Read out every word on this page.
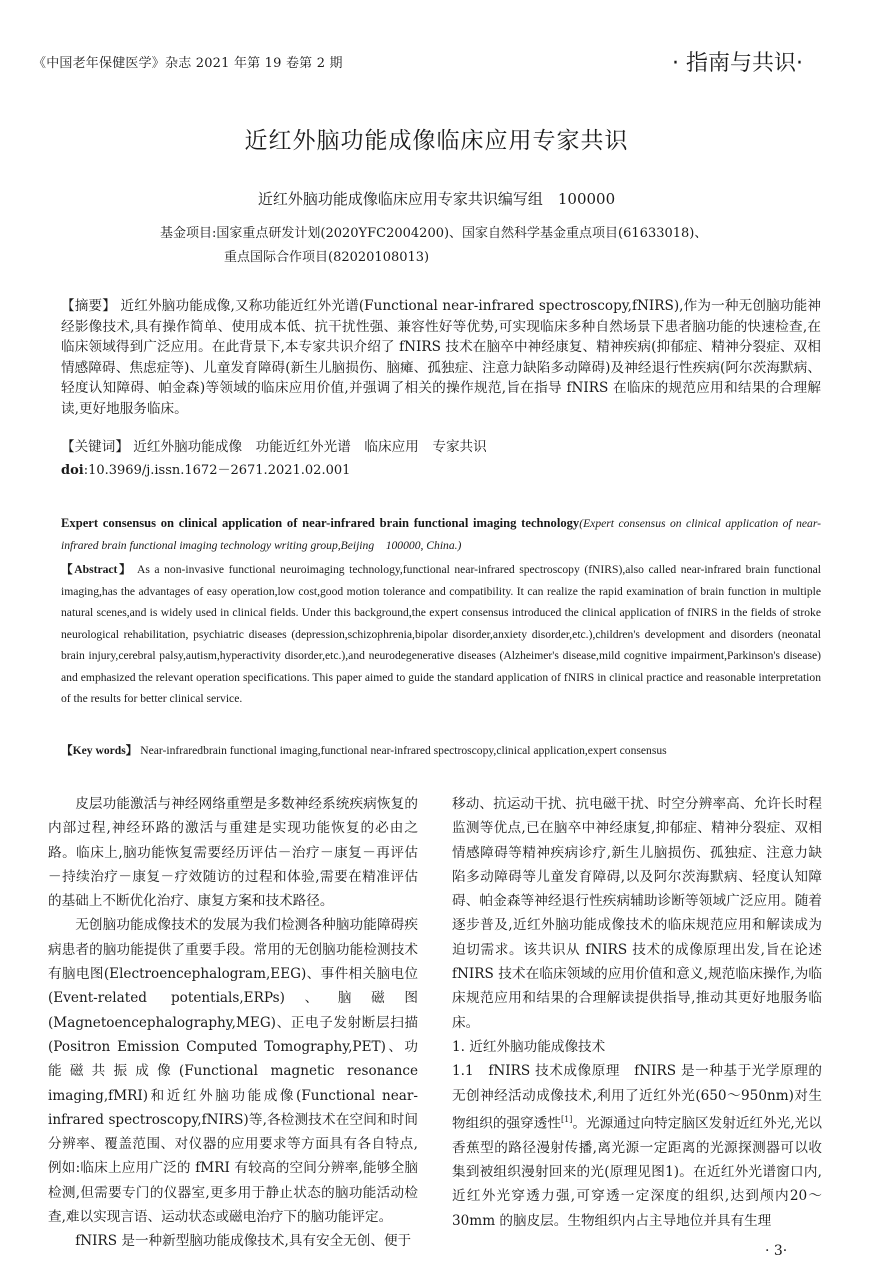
《中国老年保健医学》杂志 2021 年第 19 卷第 2 期	· 指南与共识·
近红外脑功能成像临床应用专家共识
近红外脑功能成像临床应用专家共识编写组　100000
基金项目:国家重点研发计划(2020YFC2004200)、国家自然科学基金重点项目(61633018)、
重点国际合作项目(82020108013)
【摘要】 近红外脑功能成像,又称功能近红外光谱(Functional near-infrared spectroscopy,fNIRS),作为一种无创脑功能神经影像技术,具有操作简单、使用成本低、抗干扰性强、兼容性好等优势,可实现临床多种自然场景下患者脑功能的快速检查,在临床领域得到广泛应用。在此背景下,本专家共识介绍了 fNIRS 技术在脑卒中神经康复、精神疾病(抑郁症、精神分裂症、双相情感障碍、焦虑症等)、儿童发育障碍(新生儿脑损伤、脑瘫、孤独症、注意力缺陷多动障碍)及神经退行性疾病(阿尔茨海默病、轻度认知障碍、帕金森)等领域的临床应用价值,并强调了相关的操作规范,旨在指导 fNIRS 在临床的规范应用和结果的合理解读,更好地服务临床。
【关键词】 近红外脑功能成像　功能近红外光谱　临床应用　专家共识
doi:10.3969/j.issn.1672－2671.2021.02.001
Expert consensus on clinical application of near-infrared brain functional imaging technology(Expert consensus on clinical application of near-infrared brain functional imaging technology writing group,Beijing　100000, China.)
【Abstract】 As a non-invasive functional neuroimaging technology,functional near-infrared spectroscopy (fNIRS),also called near-infrared brain functional imaging,has the advantages of easy operation,low cost,good motion tolerance and compatibility. It can realize the rapid examination of brain function in multiple natural scenes,and is widely used in clinical fields. Under this background,the expert consensus introduced the clinical application of fNIRS in the fields of stroke neurological rehabilitation, psychiatric diseases (depression,schizophrenia,bipolar disorder,anxiety disorder,etc.),children's development and disorders (neonatal brain injury,cerebral palsy,autism,hyperactivity disorder,etc.),and neurodegenerative diseases (Alzheimer's disease,mild cognitive impairment,Parkinson's disease) and emphasized the relevant operation specifications. This paper aimed to guide the standard application of fNIRS in clinical practice and reasonable interpretation of the results for better clinical service.
【Key words】 Near-infraredbrain functional imaging,functional near-infrared spectroscopy,clinical application,expert consensus

皮层功能激活与神经网络重塑是多数神经系统疾病恢复的内部过程,神经环路的激活与重建是实现功能恢复的必由之路。临床上,脑功能恢复需要经历评估－治疗－康复－再评估－持续治疗－康复－疗效随访的过程和体验,需要在精准评估的基础上不断优化治疗、康复方案和技术路径。

无创脑功能成像技术的发展为我们检测各种脑功能障碍疾病患者的脑功能提供了重要手段。常用的无创脑功能检测技术有脑电图(Electroencephalogram,EEG)、事件相关脑电位(Event-related potentials,ERPs)、脑磁图(Magnetoencephalography,MEG)、正电子发射断层扫描(Positron Emission Computed Tomography,PET)、功能磁共振成像(Functional magnetic resonance imaging,fMRI)和近红外脑功能成像(Functional near-infrared spectroscopy,fNIRS)等,各检测技术在空间和时间分辨率、覆盖范围、对仪器的应用要求等方面具有各自特点,例如:临床上应用广泛的 fMRI 有较高的空间分辨率,能够全脑检测,但需要专门的仪器室,更多用于静止状态的脑功能活动检查,难以实现言语、运动状态或磁电治疗下的脑功能评定。

fNIRS 是一种新型脑功能成像技术,具有安全无创、便于

移动、抗运动干扰、抗电磁干扰、时空分辨率高、允许长时程监测等优点,已在脑卒中神经康复,抑郁症、精神分裂症、双相情感障碍等精神疾病诊疗,新生儿脑损伤、孤独症、注意力缺陷多动障碍等儿童发育障碍,以及阿尔茨海默病、轻度认知障碍、帕金森等神经退行性疾病辅助诊断等领域广泛应用。随着逐步普及,近红外脑功能成像技术的临床规范应用和解读成为迫切需求。该共识从 fNIRS 技术的成像原理出发,旨在论述 fNIRS 技术在临床领域的应用价值和意义,规范临床操作,为临床规范应用和结果的合理解读提供指导,推动其更好地服务临床。

1. 近红外脑功能成像技术

1.1　fNIRS 技术成像原理　 fNIRS 是一种基于光学原理的无创神经活动成像技术,利用了近红外光(650～950nm)对生物组织的强穿透性[1]。光源通过向特定脑区发射近红外光,光以香蕉型的路径漫射传播,离光源一定距离的光源探测器可以收集到被组织漫射回来的光(原理见图1)。在近红外光谱窗口内,近红外光穿透力强,可穿透一定深度的组织,达到颅内20～30mm 的脑皮层。生物组织内占主导地位并具有生理

· 3·
